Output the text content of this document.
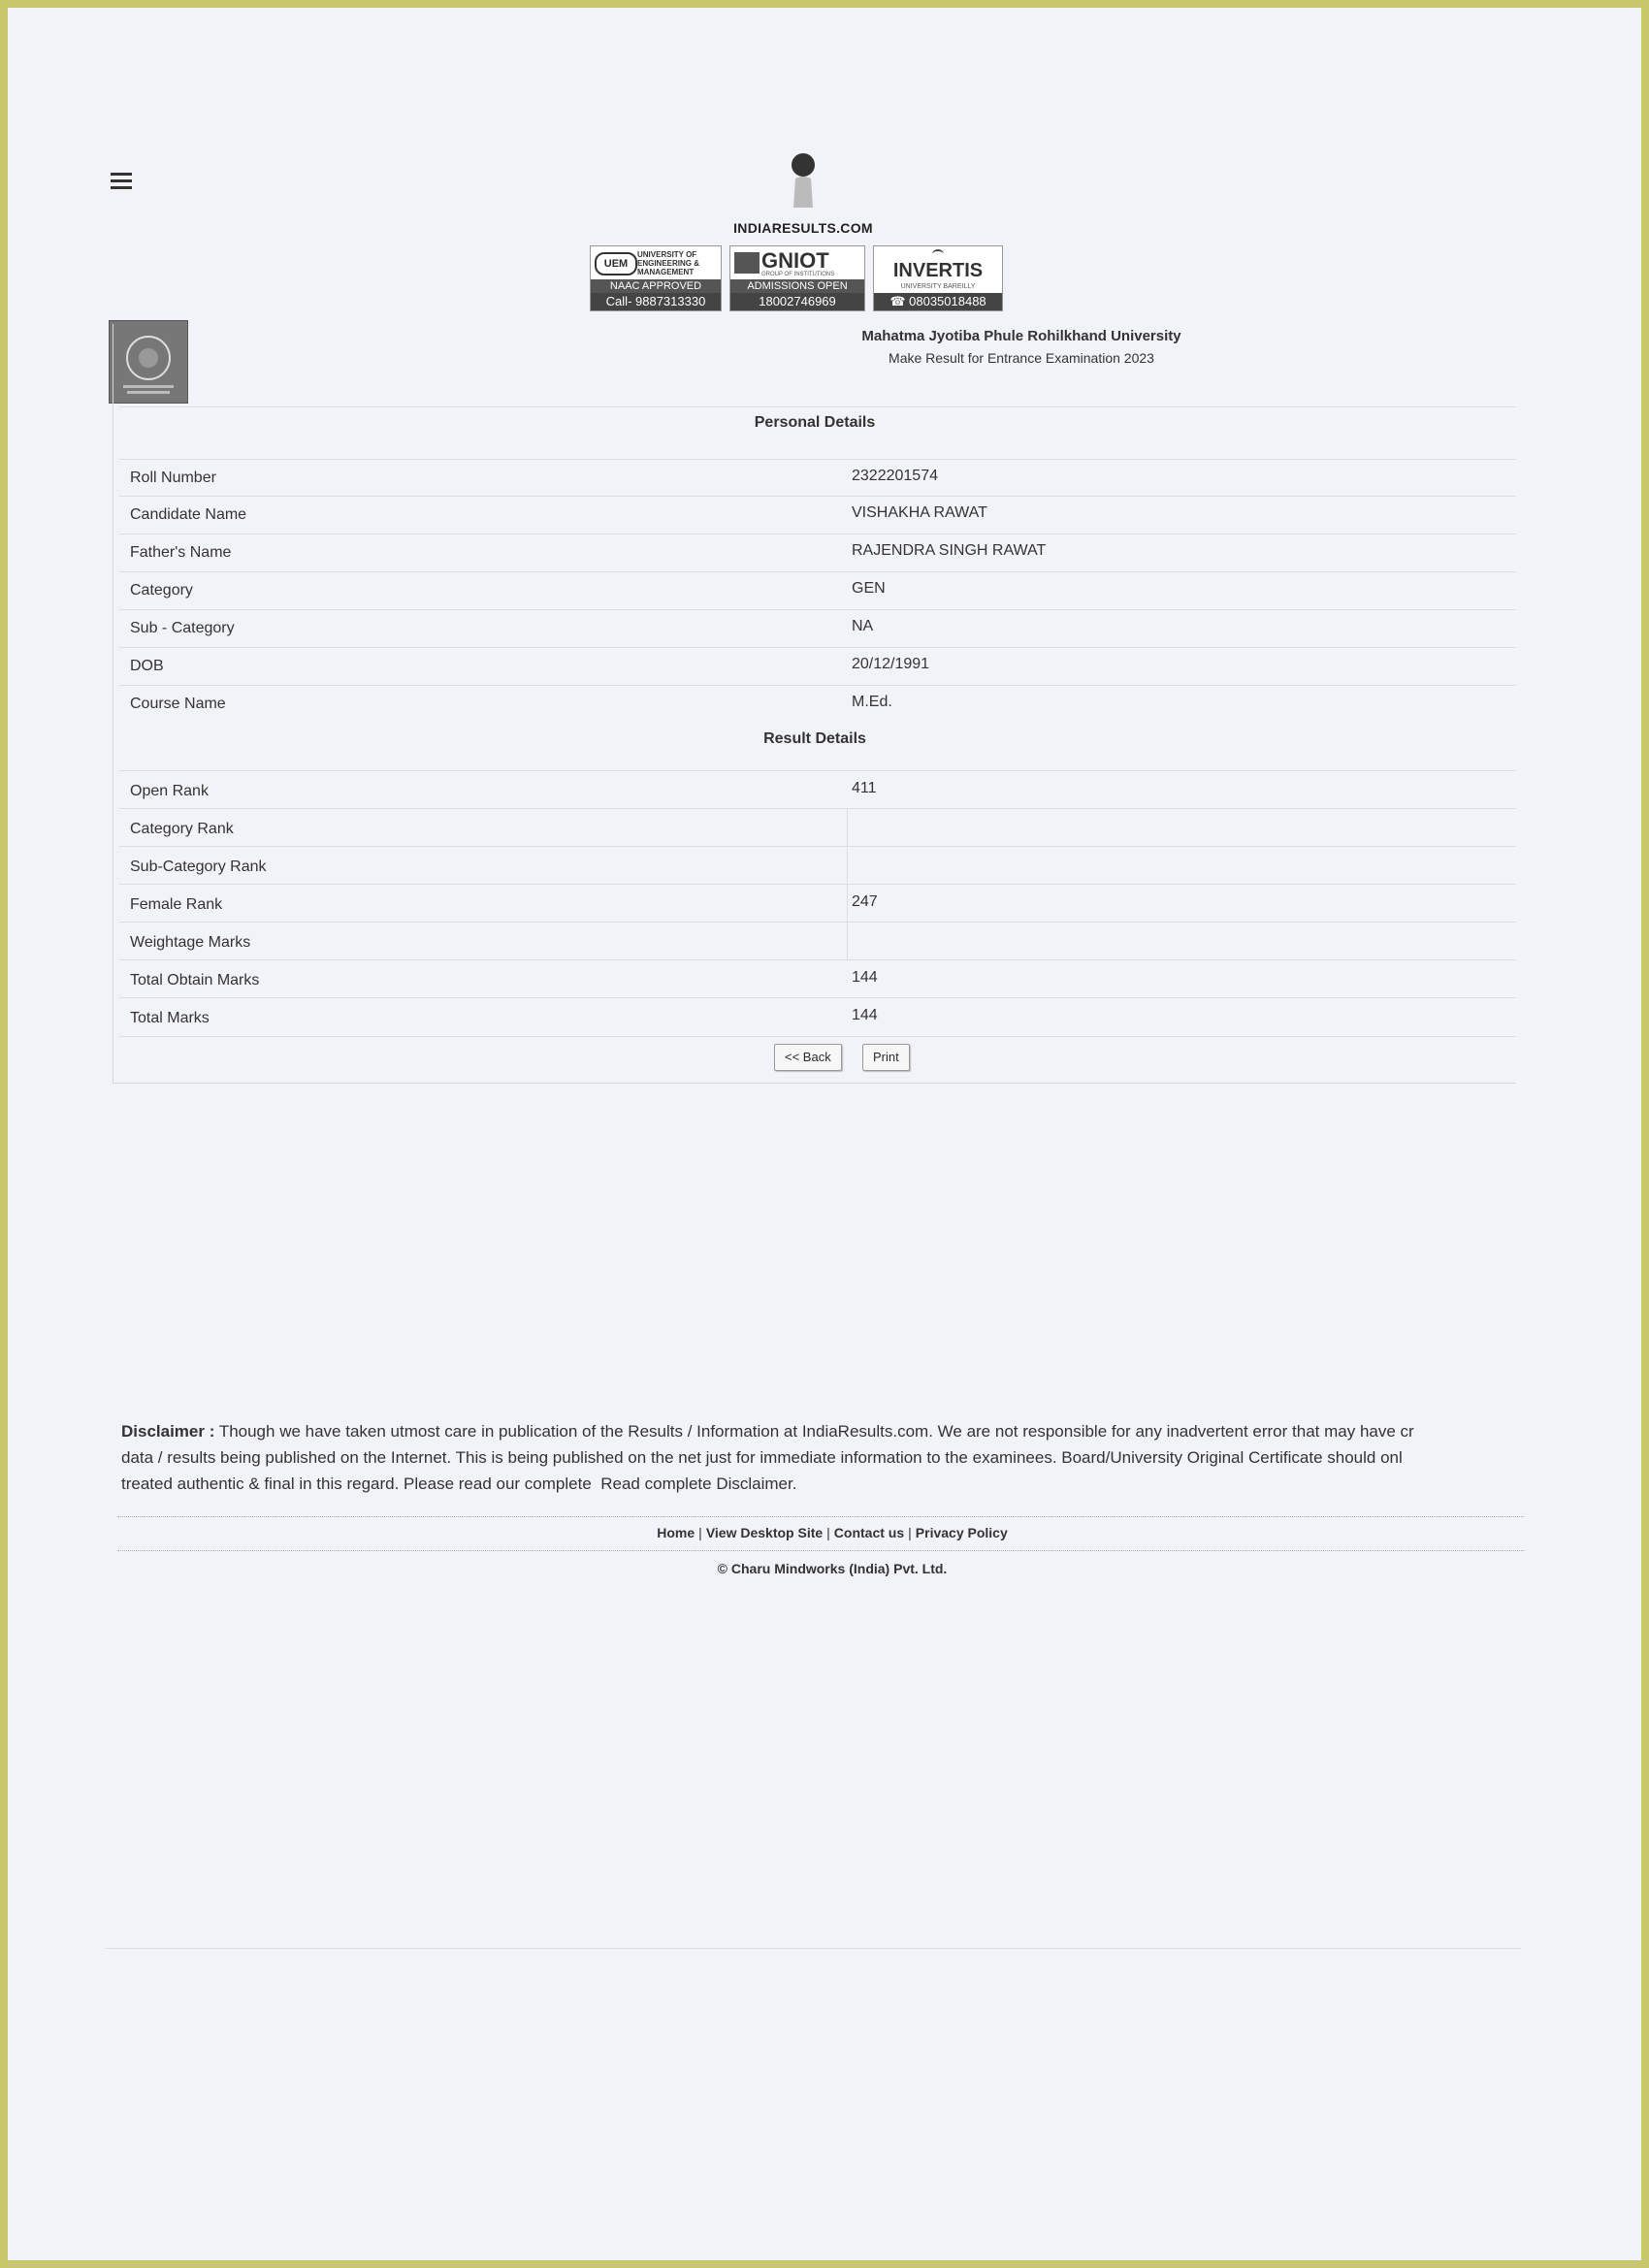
INDIARESULTS.COM
UEM
UNIVERSITY OF ENGINEERING & MANAGEMENT
NAAC APPROVED
Call- 9887313330
GNIOT
GROUP OF INSTITUTIONS
ADMISSIONS OPEN
18002746969
INVERTIS
UNIVERSITY BAREILLY
☎ 08035018488
Mahatma Jyotiba Phule Rohilkhand University
Make Result for Entrance Examination 2023
Personal Details
Roll Number	2322201574
Candidate Name	VISHAKHA RAWAT
Father's Name	RAJENDRA SINGH RAWAT
Category	GEN
Sub - Category	NA
DOB	20/12/1991
Course Name	M.Ed.
Result Details
Open Rank	411
Category Rank
Sub-Category Rank
Female Rank	247
Weightage Marks
Total Obtain Marks	144
Total Marks	144
<< Back	Print
Disclaimer : Though we have taken utmost care in publication of the Results / Information at IndiaResults.com. We are not responsible for any inadvertent error that may have cr
data / results being published on the Internet. This is being published on the net just for immediate information to the examinees. Board/University Original Certificate should onl
treated authentic & final in this regard. Please read our complete Read complete Disclaimer.
Home | View Desktop Site | Contact us | Privacy Policy
© Charu Mindworks (India) Pvt. Ltd.
